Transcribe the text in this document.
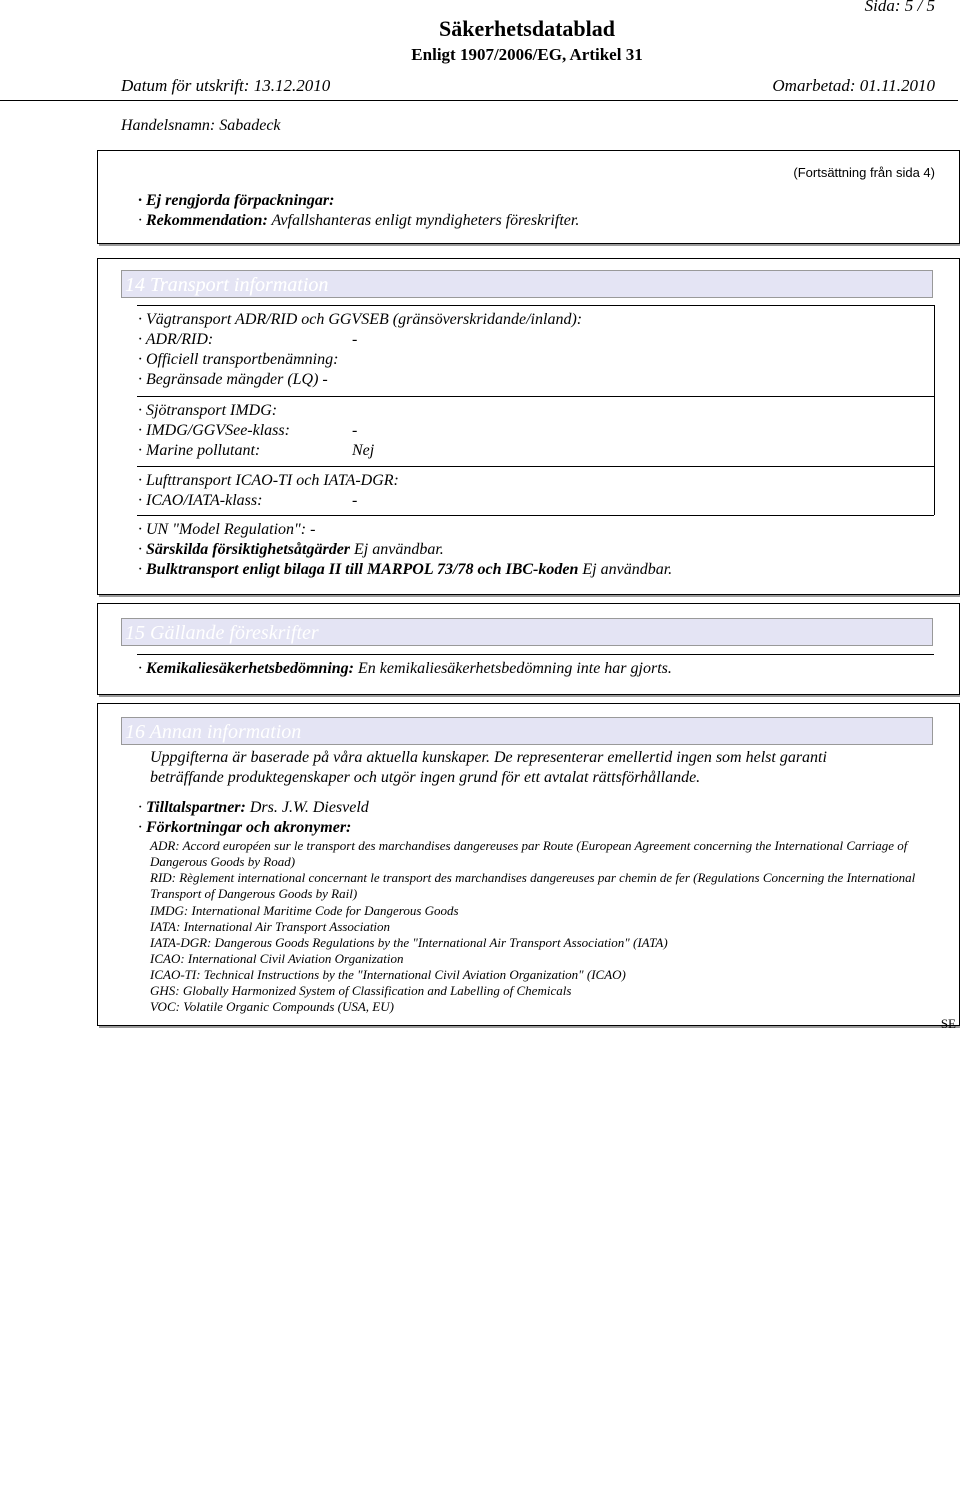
Sida: 5 / 5
Säkerhetsdatablad
Enligt 1907/2006/EG, Artikel 31
Datum för utskrift: 13.12.2010	Omarbetad: 01.11.2010
Handelsnamn: Sabadeck
(Fortsättning från sida 4)
· Ej rengjorda förpackningar:
· Rekommendation: Avfallshanteras enligt myndigheters föreskrifter.
14 Transport information
· Vägtransport ADR/RID och GGVSEB (gränsöverskridande/inland):
· ADR/RID:	-
· Officiell transportbenämning:
· Begränsade mängder (LQ) -
· Sjötransport IMDG:
· IMDG/GGVSee-klass:	-
· Marine pollutant:	Nej
· Lufttransport ICAO-TI och IATA-DGR:
· ICAO/IATA-klass:	-
· UN "Model Regulation": -
· Särskilda försiktighetsåtgärder Ej användbar.
· Bulktransport enligt bilaga II till MARPOL 73/78 och IBC-koden Ej användbar.
15 Gällande föreskrifter
· Kemikaliesäkerhetsbedömning: En kemikaliesäkerhetsbedömning inte har gjorts.
16 Annan information
Uppgifterna är baserade på våra aktuella kunskaper. De representerar emellertid ingen som helst garanti
beträffande produktegenskaper och utgör ingen grund för ett avtalat rättsförhållande.
· Tilltalspartner: Drs. J.W. Diesveld
· Förkortningar och akronymer:
ADR: Accord européen sur le transport des marchandises dangereuses par Route (European Agreement concerning the International Carriage of Dangerous Goods by Road)
RID: Règlement international concernant le transport des marchandises dangereuses par chemin de fer (Regulations Concerning the International Transport of Dangerous Goods by Rail)
IMDG: International Maritime Code for Dangerous Goods
IATA: International Air Transport Association
IATA-DGR: Dangerous Goods Regulations by the "International Air Transport Association" (IATA)
ICAO: International Civil Aviation Organization
ICAO-TI: Technical Instructions by the "International Civil Aviation Organization" (ICAO)
GHS: Globally Harmonized System of Classification and Labelling of Chemicals
VOC: Volatile Organic Compounds (USA, EU)
SE
